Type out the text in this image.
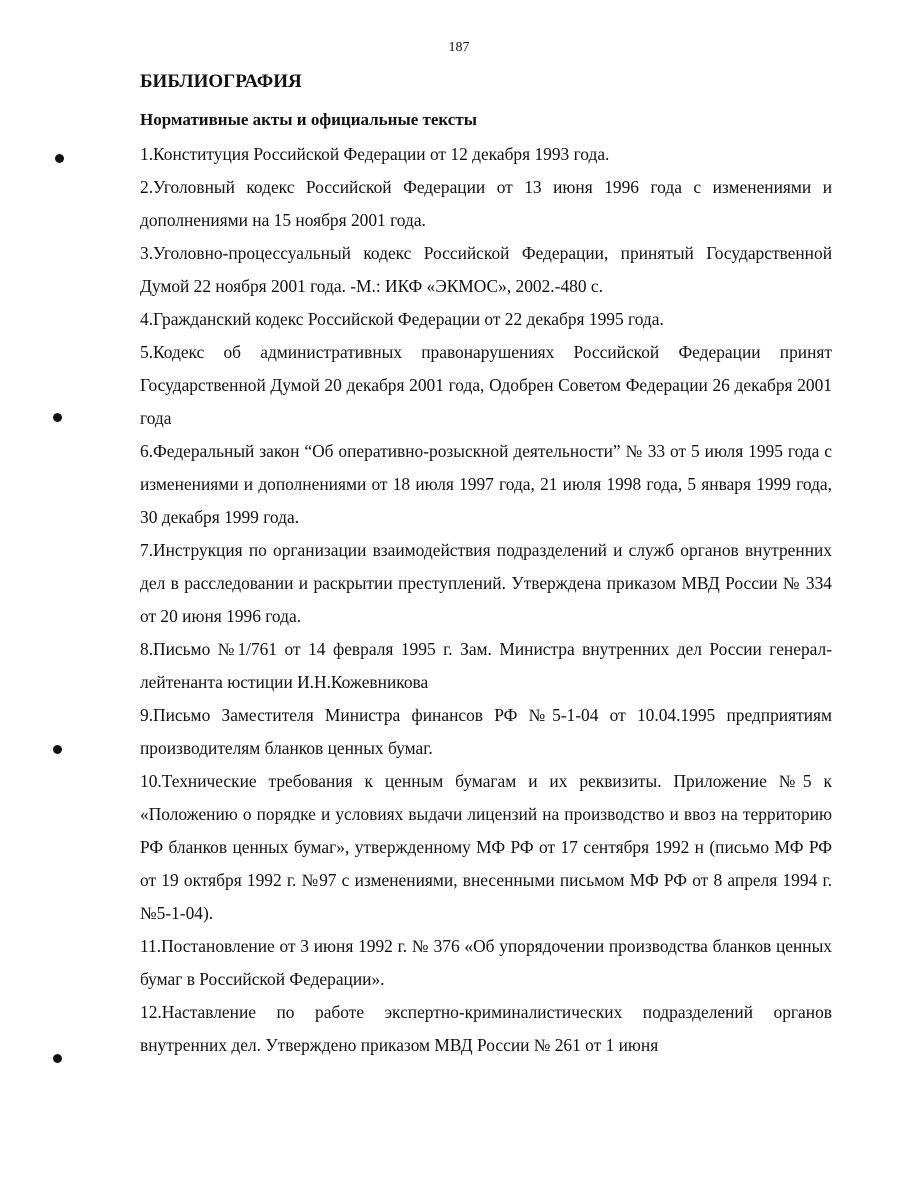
187
БИБЛИОГРАФИЯ
Нормативные акты и официальные тексты

1.Конституция Российской Федерации от 12 декабря 1993 года.

2.Уголовный кодекс Российской Федерации от 13 июня 1996 года с изменениями и дополнениями на 15 ноября 2001 года.

3.Уголовно-процессуальный кодекс Российской Федерации, принятый Государственной Думой 22 ноября 2001 года. -М.: ИКФ «ЭКМОС», 2002.-480 с.

4.Гражданский кодекс Российской Федерации от 22 декабря 1995 года.

5.Кодекс об административных правонарушениях Российской Федерации принят Государственной Думой 20 декабря 2001 года, Одобрен Советом Федерации 26 декабря 2001 года

6.Федеральный закон “Об оперативно-розыскной деятельности” № 33 от 5 июля 1995 года с изменениями и дополнениями от 18 июля 1997 года, 21 июля 1998 года, 5 января 1999 года, 30 декабря 1999 года.

7.Инструкция по организации взаимодействия подразделений и служб органов внутренних дел в расследовании и раскрытии преступлений. Утверждена приказом МВД России № 334 от 20 июня 1996 года.

8.Письмо №1/761 от 14 февраля 1995 г. Зам. Министра внутренних дел России генерал-лейтенанта юстиции И.Н.Кожевникова

9.Письмо Заместителя Министра финансов РФ №5-1-04 от 10.04.1995 предприятиям производителям бланков ценных бумаг.

10.Технические требования к ценным бумагам и их реквизиты. Приложение №5 к «Положению о порядке и условиях выдачи лицензий на производство и ввоз на территорию РФ бланков ценных бумаг», утвержденному МФ РФ от 17 сентября 1992 н (письмо МФ РФ от 19 октября 1992 г. №97 с изменениями, внесенными письмом МФ РФ от 8 апреля 1994 г. №5-1-04).

11.Постановление от 3 июня 1992 г. № 376 «Об упорядочении производства бланков ценных бумаг в Российской Федерации».

12.Наставление по работе экспертно-криминалистических подразделений органов внутренних дел. Утверждено приказом МВД России № 261 от 1 июня
